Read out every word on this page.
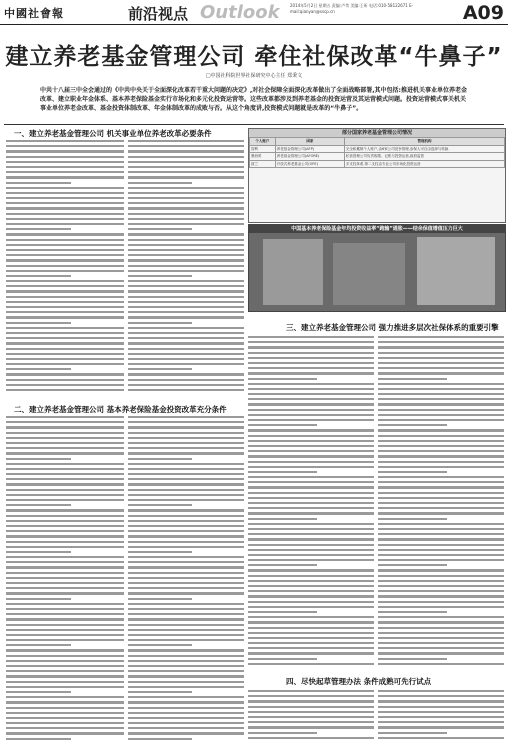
中國社會報	前沿视点 Outlook	2014年5月2日 星期五 责编:卢苇 美编:王昕 电话:010-58122671 E-mail:qianyan@sscp.cn	A09
建立养老基金管理公司 牵住社保改革“牛鼻子”
□中国社科院世界社保研究中心主任 郑秉文
中共十八届三中全会通过的《中共中央关于全面深化改革若干重大问题的决定》,对社会保障全面深化改革做出了全面战略部署,其中包括:推进机关事业单位养老金改革、建立职业年金体系、基本养老保险基金实行市场化和多元化投资运营等。这些改革都涉及到养老基金的投资运营及其运营模式问题。投资运营模式事关机关事业单位养老金改革、基金投资体制改革、年金体制改革的成败与否。从这个角度讲,投资模式问题就是改革的“牛鼻子”。
一、建立养老基金管理公司 机关事业单位养老改革必要条件	部分国家养老基金管理公司情况
个人账户	国家	管理机构
智利	养老基金管理公司(AFP)	完全积累制个人账户,由6家公司竞争管理,参保人可自由选择与转换
墨西哥	养老基金管理公司(AFORE)	私营管理公司负责收缴、记账与投资运营,政府监管
波兰	开放式养老基金公司(OFE)	多支柱体系,第二支柱由专业公司市场化投资运营
中国基本养老保险基金年均投资收益率“跑输”通胀——结余保值增值压力巨大
三、建立养老基金管理公司 强力推进多层次社保体系的重要引擎
二、建立养老基金管理公司 基本养老保险基金投资改革充分条件
四、尽快起草管理办法 条件成熟可先行试点
